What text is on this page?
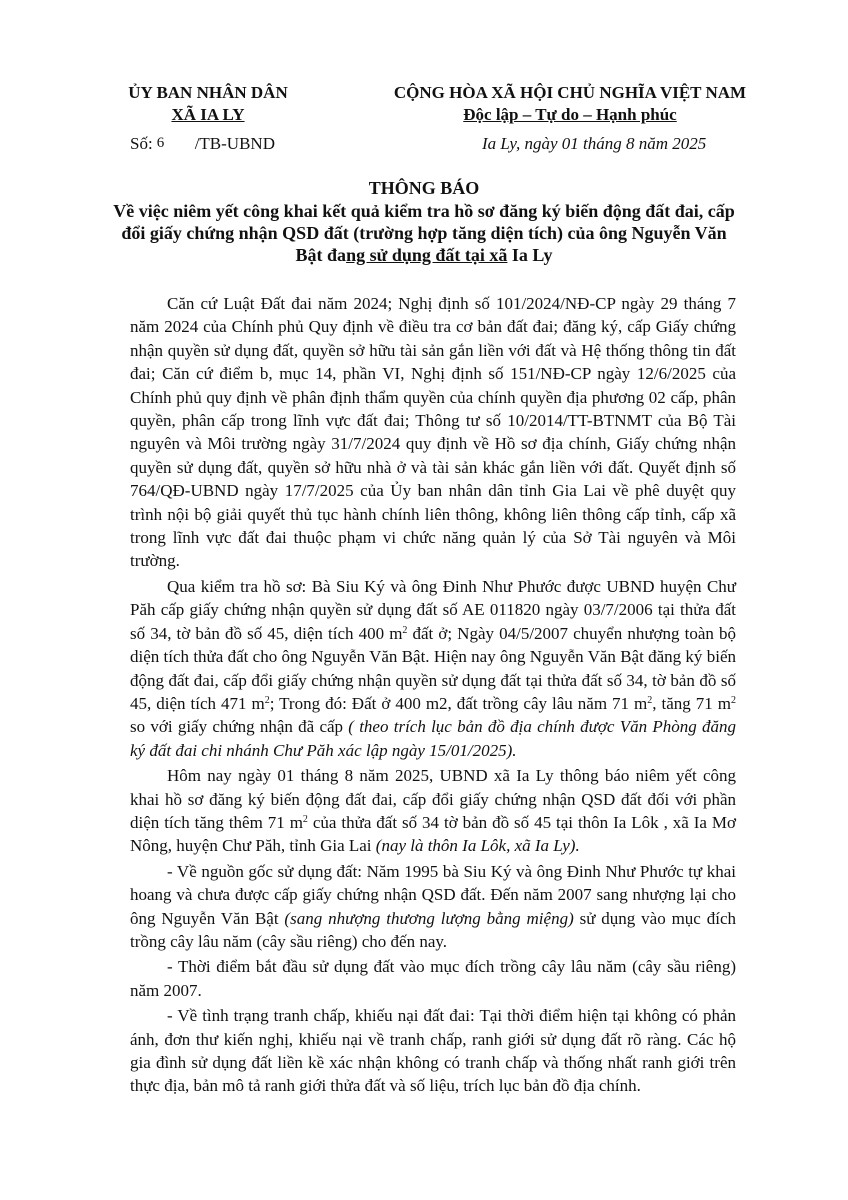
ỦY BAN NHÂN DÂN
XÃ IA LY
CỘNG HÒA XÃ HỘI CHỦ NGHĨA VIỆT NAM
Độc lập – Tự do – Hạnh phúc
Số: 6 /TB-UBND	Ia Ly, ngày 01 tháng 8 năm 2025
THÔNG BÁO
Về việc niêm yết công khai kết quả kiểm tra hồ sơ đăng ký biến động đất đai, cấp đổi giấy chứng nhận QSD đất (trường hợp tăng diện tích) của ông Nguyễn Văn Bật đang sử dụng đất tại xã Ia Ly

Căn cứ Luật Đất đai năm 2024; Nghị định số 101/2024/NĐ-CP ngày 29 tháng 7 năm 2024 của Chính phủ Quy định về điều tra cơ bản đất đai; đăng ký, cấp Giấy chứng nhận quyền sử dụng đất, quyền sở hữu tài sản gắn liền với đất và Hệ thống thông tin đất đai; Căn cứ điểm b, mục 14, phần VI, Nghị định số 151/NĐ-CP ngày 12/6/2025 của Chính phủ quy định về phân định thẩm quyền của chính quyền địa phương 02 cấp, phân quyền, phân cấp trong lĩnh vực đất đai; Thông tư số 10/2014/TT-BTNMT của Bộ Tài nguyên và Môi trường ngày 31/7/2024 quy định về Hồ sơ địa chính, Giấy chứng nhận quyền sử dụng đất, quyền sở hữu nhà ở và tài sản khác gắn liền với đất. Quyết định số 764/QĐ-UBND ngày 17/7/2025 của Ủy ban nhân dân tỉnh Gia Lai về phê duyệt quy trình nội bộ giải quyết thủ tục hành chính liên thông, không liên thông cấp tỉnh, cấp xã trong lĩnh vực đất đai thuộc phạm vi chức năng quản lý của Sở Tài nguyên và Môi trường.

Qua kiểm tra hồ sơ: Bà Siu Ký và ông Đinh Như Phước được UBND huyện Chư Păh cấp giấy chứng nhận quyền sử dụng đất số AE 011820 ngày 03/7/2006 tại thửa đất số 34, tờ bản đồ số 45, diện tích 400 $m^2$ đất ở; Ngày 04/5/2007 chuyển nhượng toàn bộ diện tích thửa đất cho ông Nguyễn Văn Bật. Hiện nay ông Nguyễn Văn Bật đăng ký biến động đất đai, cấp đổi giấy chứng nhận quyền sử dụng đất tại thửa đất số 34, tờ bản đồ số 45, diện tích 471 $m^2$; Trong đó: Đất ở 400 m2, đất trồng cây lâu năm 71 $m^2$, tăng 71 $m^2$ so với giấy chứng nhận đã cấp ( theo trích lục bản đồ địa chính được Văn Phòng đăng ký đất đai chi nhánh Chư Păh xác lập ngày 15/01/2025).

Hôm nay ngày 01 tháng 8 năm 2025, UBND xã Ia Ly thông báo niêm yết công khai hồ sơ đăng ký biến động đất đai, cấp đổi giấy chứng nhận QSD đất đối với phần diện tích tăng thêm 71 $m^2$ của thửa đất số 34 tờ bản đồ số 45 tại thôn Ia Lôk , xã Ia Mơ Nông, huyện Chư Păh, tỉnh Gia Lai (nay là thôn Ia Lôk, xã Ia Ly).

- Về nguồn gốc sử dụng đất: Năm 1995 bà Siu Ký và ông Đinh Như Phước tự khai hoang và chưa được cấp giấy chứng nhận QSD đất. Đến năm 2007 sang nhượng lại cho ông Nguyễn Văn Bật (sang nhượng thương lượng bằng miệng) sử dụng vào mục đích trồng cây lâu năm (cây sầu riêng) cho đến nay.

- Thời điểm bắt đầu sử dụng đất vào mục đích trồng cây lâu năm (cây sầu riêng) năm 2007.

- Về tình trạng tranh chấp, khiếu nại đất đai: Tại thời điểm hiện tại không có phản ánh, đơn thư kiến nghị, khiếu nại về tranh chấp, ranh giới sử dụng đất rõ ràng. Các hộ gia đình sử dụng đất liền kề xác nhận không có tranh chấp và thống nhất ranh giới trên thực địa, bản mô tả ranh giới thửa đất và số liệu, trích lục bản đồ địa chính.
